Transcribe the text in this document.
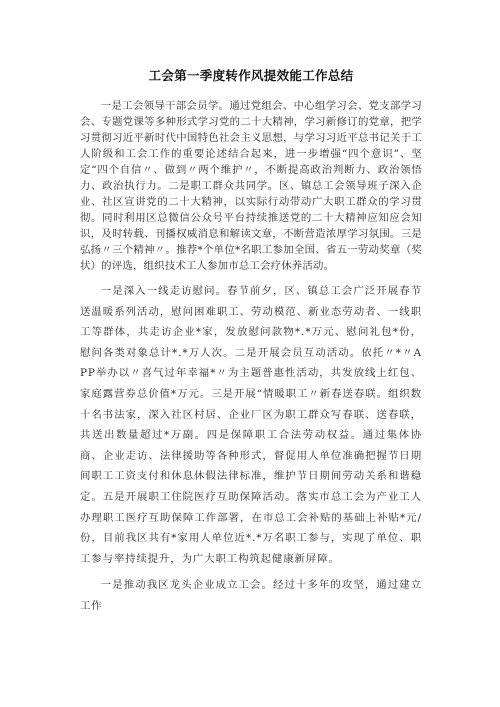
工会第一季度转作风提效能工作总结

一是工会领导干部会员学。通过党组会、中心组学习会、党支部学习会、专题党课等多种形式学习党的二十大精神，学习新修订的党章，把学习贯彻习近平新时代中国特色社会主义思想，与学习习近平总书记关于工人阶级和工会工作的重要论述结合起来，进一步增强“四个意识”、坚定“四个自信〃、做到〃两个维护〃，不断提高政治判断力、政治领悟力、政治执行力。二是职工群众共同学。区、镇总工会领导班子深入企业、社区宣讲党的二十大精神，以实际行动带动广大职工群众的学习贯彻。同时利用区总微信公众号平台持续推送党的二十大精神应知应会知识，及时转载、刊播权威消息和解读文章，不断营造浓厚学习氛围。三是弘扬〃三个精神〃。推荐*个单位*名职工参加全国、省五一劳动奖章（奖状）的评选，组织技术工人参加市总工会疗休养活动。

一是深入一线走访慰问。春节前夕，区、镇总工会广泛开展春节送温暖系列活动，慰问困难职工、劳动模范、新业态劳动者、一线职工等群体，共走访企业*家，发放慰问款物*.*万元、慰问礼包*份，慰问各类对象总计*.*万人次。二是开展会员互动活动。依托〃*〃APP举办以〃喜气过年幸福*〃为主题普惠性活动，共发放线上红包、家庭露营券总价值*万元。三是开展“情暖职工〃新春送春联。组织数十名书法家，深入社区村居、企业厂区为职工群众写春联、送春联，共送出数量超过*万副。四是保障职工合法劳动权益。通过集体协商、企业走访、法律援助等各种形式，督促用人单位准确把握节日期间职工工资支付和休息休假法律标准，维护节日期间劳动关系和谐稳定。五是开展职工住院医疗互助保障活动。落实市总工会为产业工人办理职工医疗互助保障工作部署，在市总工会补贴的基础上补贴*元/份，目前我区共有*家用人单位近*.*万名职工参与，实现了单位、职工参与率持续提升，为广大职工构筑起健康新屏障。

一是推动我区龙头企业成立工会。经过十多年的攻坚，通过建立工作
